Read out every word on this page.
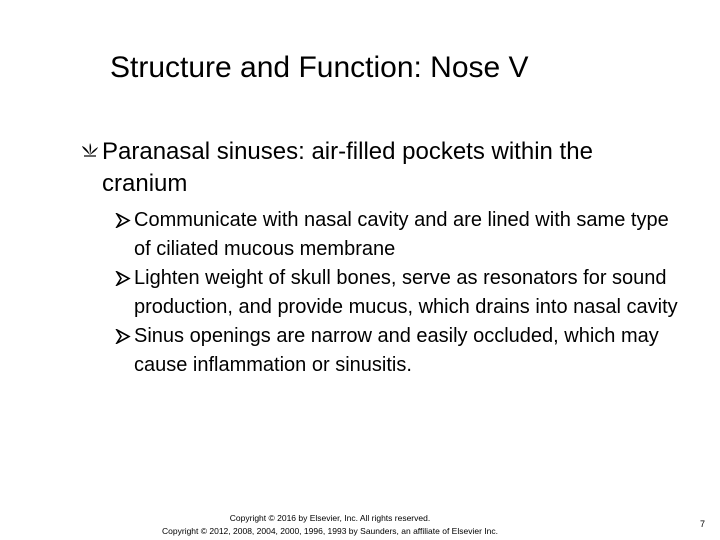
Structure and Function: Nose V
Paranasal sinuses: air-filled pockets within the cranium
Communicate with nasal cavity and are lined with same type of ciliated mucous membrane
Lighten weight of skull bones, serve as resonators for sound production, and provide mucus, which drains into nasal cavity
Sinus openings are narrow and easily occluded, which may cause inflammation or sinusitis.
Copyright © 2016 by Elsevier, Inc. All rights reserved.
Copyright © 2012, 2008, 2004, 2000, 1996, 1993 by Saunders, an affiliate of Elsevier Inc.
7
